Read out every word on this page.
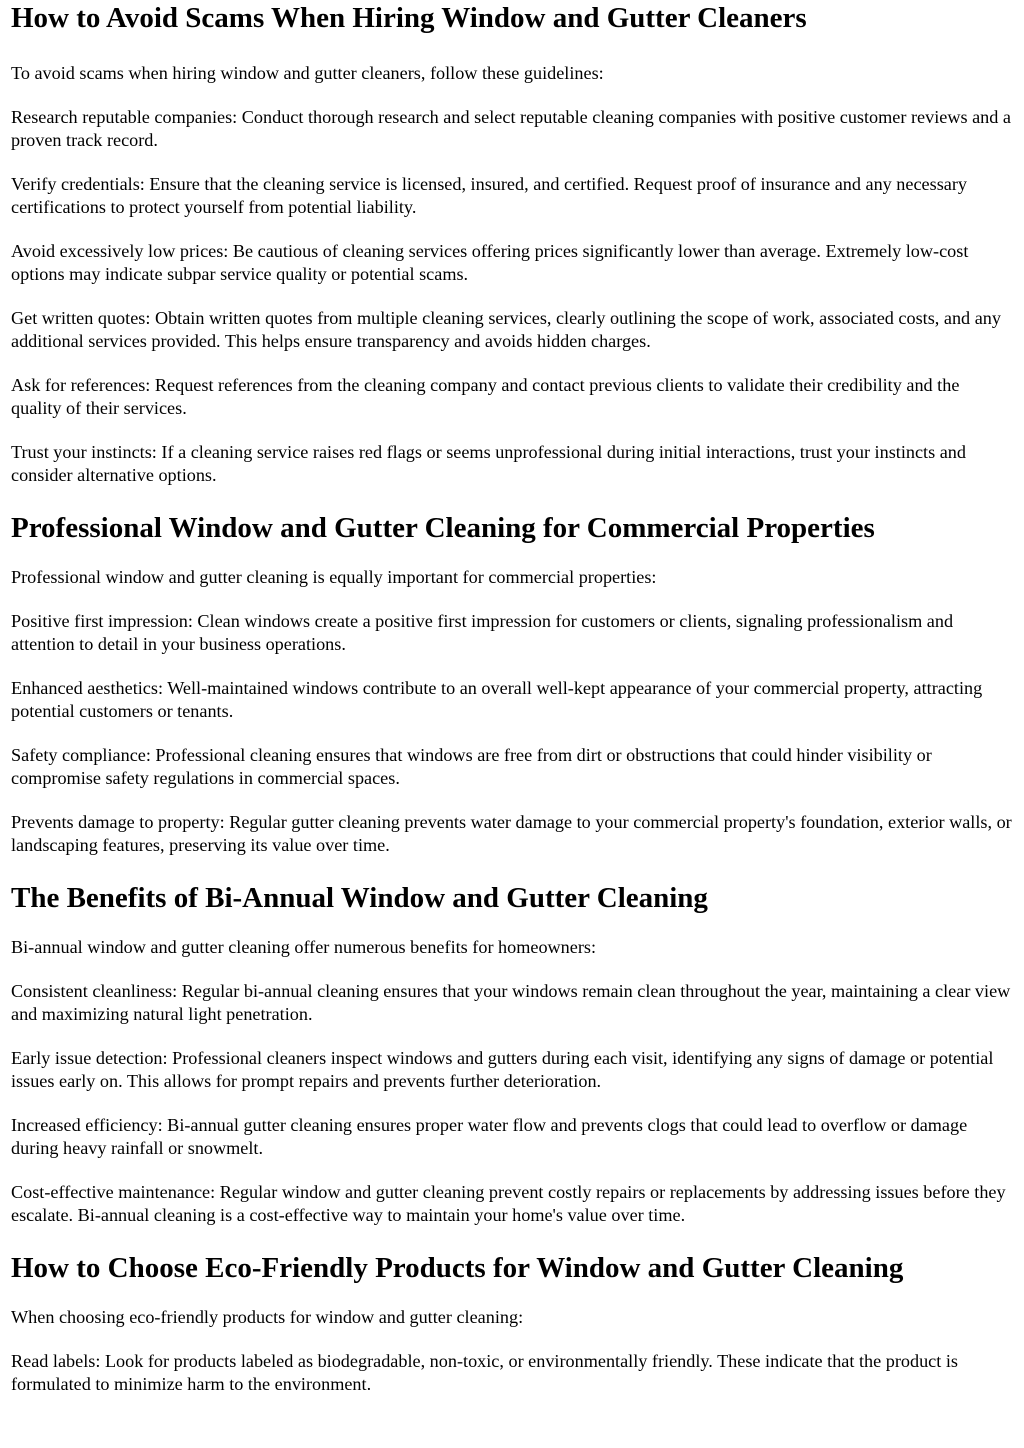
How to Avoid Scams When Hiring Window and Gutter Cleaners

To avoid scams when hiring window and gutter cleaners, follow these guidelines:

Research reputable companies: Conduct thorough research and select reputable cleaning companies with positive customer reviews and a proven track record.

Verify credentials: Ensure that the cleaning service is licensed, insured, and certified. Request proof of insurance and any necessary certifications to protect yourself from potential liability.

Avoid excessively low prices: Be cautious of cleaning services offering prices significantly lower than average. Extremely low-cost options may indicate subpar service quality or potential scams.

Get written quotes: Obtain written quotes from multiple cleaning services, clearly outlining the scope of work, associated costs, and any additional services provided. This helps ensure transparency and avoids hidden charges.

Ask for references: Request references from the cleaning company and contact previous clients to validate their credibility and the quality of their services.

Trust your instincts: If a cleaning service raises red flags or seems unprofessional during initial interactions, trust your instincts and consider alternative options.

Professional Window and Gutter Cleaning for Commercial Properties

Professional window and gutter cleaning is equally important for commercial properties:

Positive first impression: Clean windows create a positive first impression for customers or clients, signaling professionalism and attention to detail in your business operations.

Enhanced aesthetics: Well-maintained windows contribute to an overall well-kept appearance of your commercial property, attracting potential customers or tenants.

Safety compliance: Professional cleaning ensures that windows are free from dirt or obstructions that could hinder visibility or compromise safety regulations in commercial spaces.

Prevents damage to property: Regular gutter cleaning prevents water damage to your commercial property's foundation, exterior walls, or landscaping features, preserving its value over time.

The Benefits of Bi-Annual Window and Gutter Cleaning

Bi-annual window and gutter cleaning offer numerous benefits for homeowners:

Consistent cleanliness: Regular bi-annual cleaning ensures that your windows remain clean throughout the year, maintaining a clear view and maximizing natural light penetration.

Early issue detection: Professional cleaners inspect windows and gutters during each visit, identifying any signs of damage or potential issues early on. This allows for prompt repairs and prevents further deterioration.

Increased efficiency: Bi-annual gutter cleaning ensures proper water flow and prevents clogs that could lead to overflow or damage during heavy rainfall or snowmelt.

Cost-effective maintenance: Regular window and gutter cleaning prevent costly repairs or replacements by addressing issues before they escalate. Bi-annual cleaning is a cost-effective way to maintain your home's value over time.

How to Choose Eco-Friendly Products for Window and Gutter Cleaning

When choosing eco-friendly products for window and gutter cleaning:

Read labels: Look for products labeled as biodegradable, non-toxic, or environmentally friendly. These indicate that the product is formulated to minimize harm to the environment.
